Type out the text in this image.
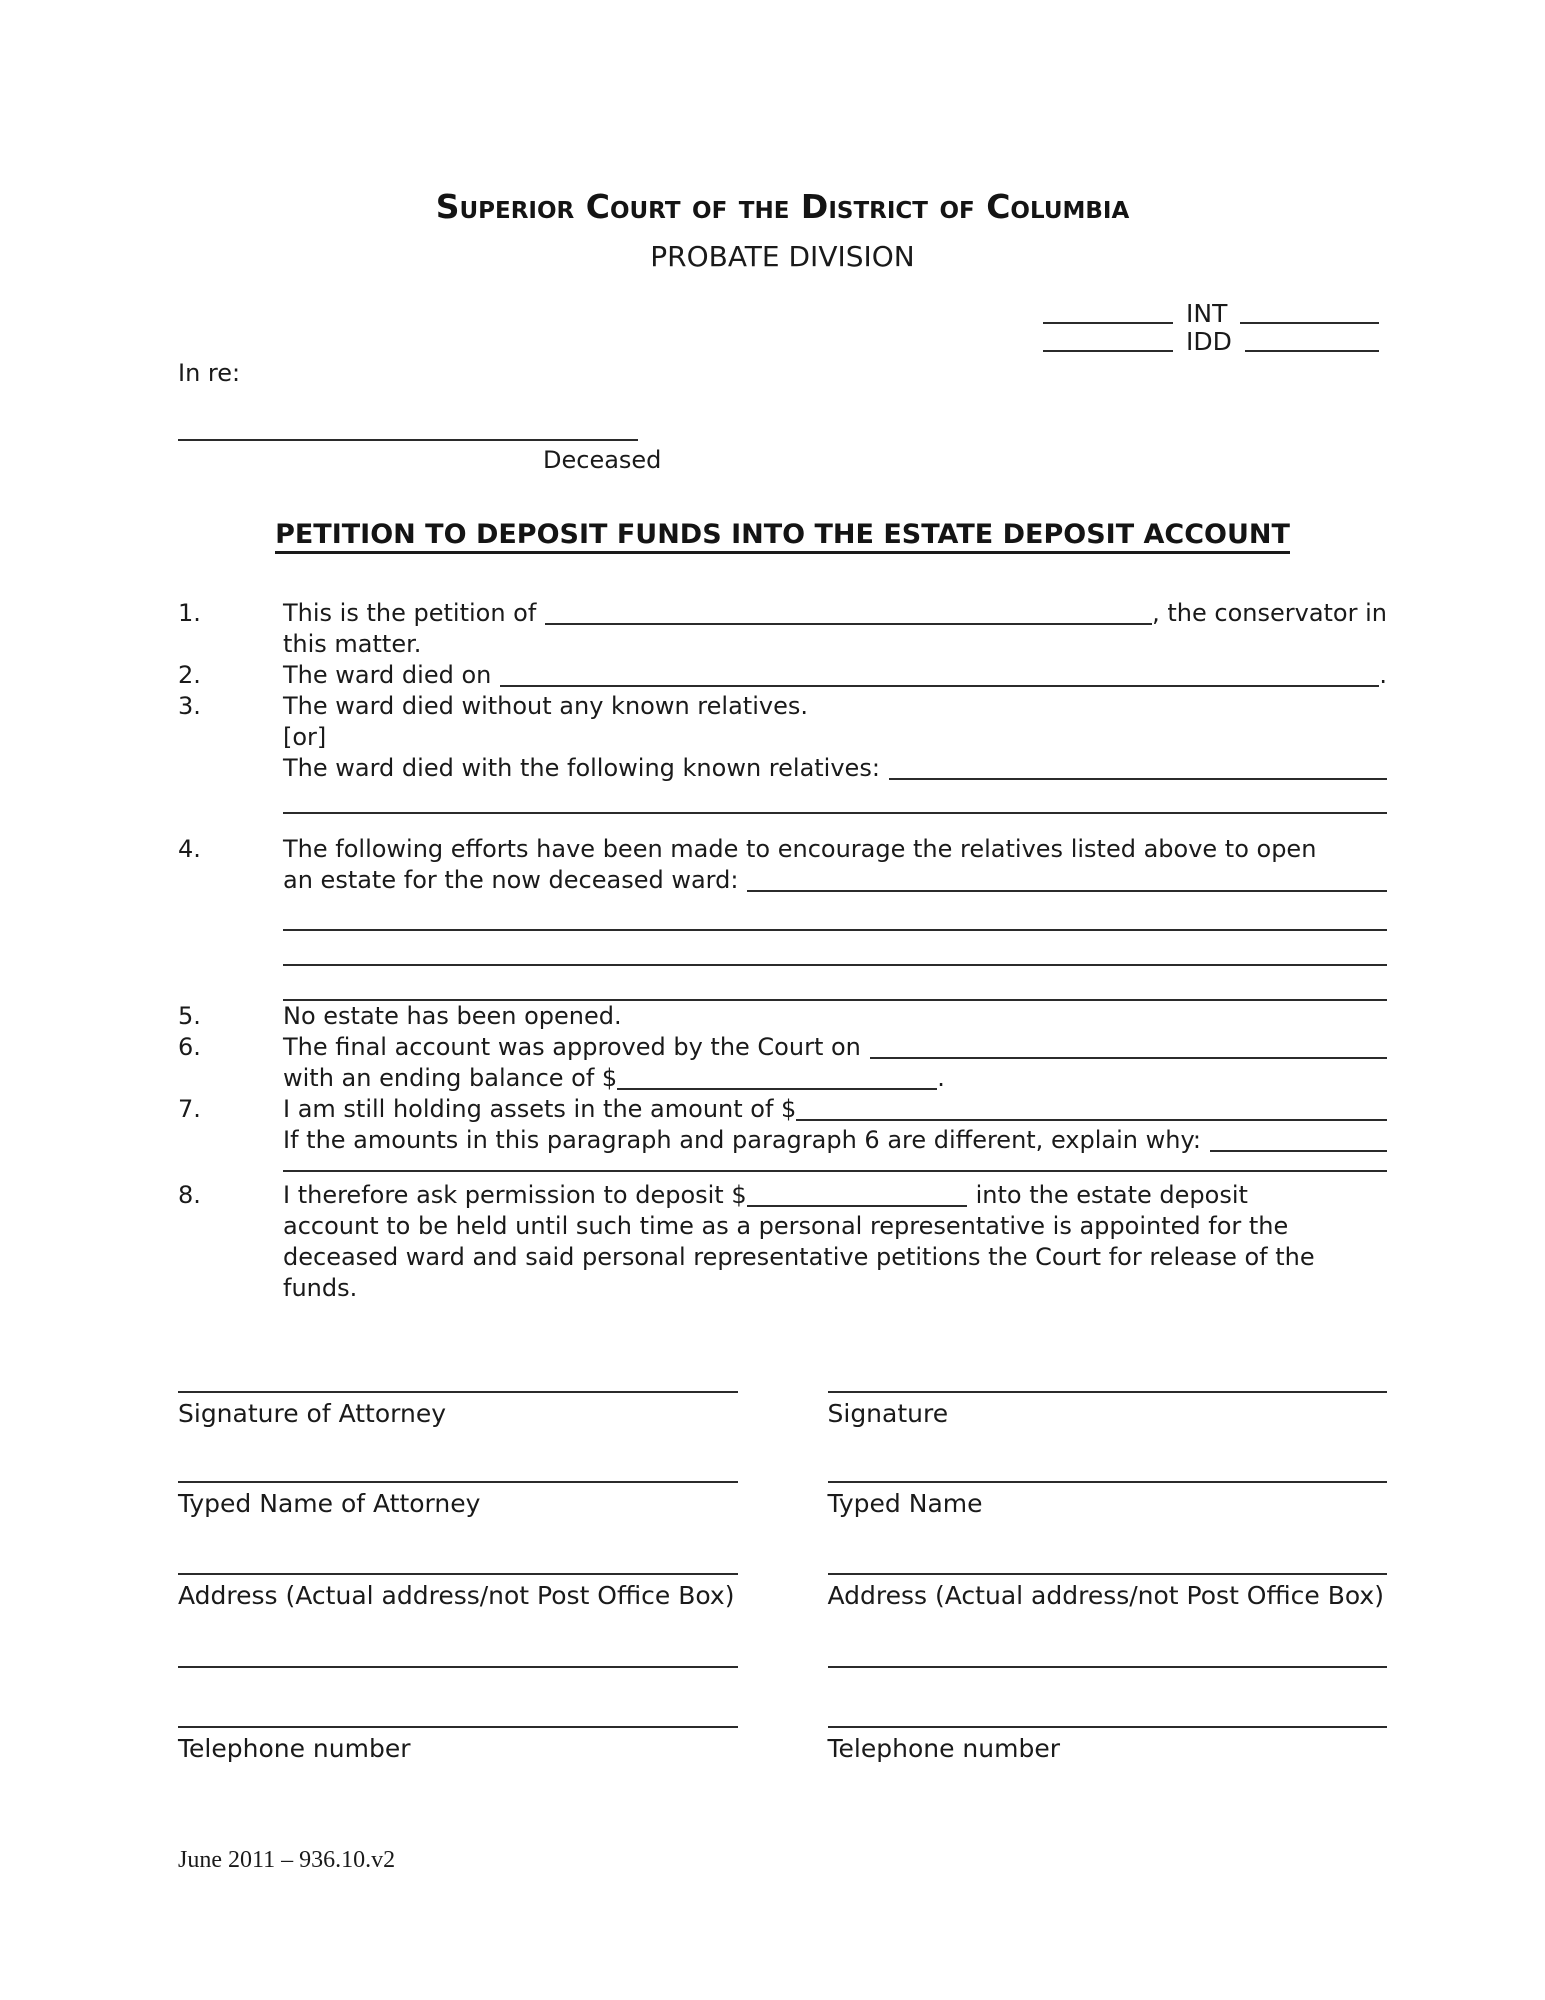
Superior Court of the District of Columbia
PROBATE DIVISION
INT
IDD
In re:
Deceased
PETITION TO DEPOSIT FUNDS INTO THE ESTATE DEPOSIT ACCOUNT
1.	This is the petition of	, the conservator in
this matter.
2.	The ward died on	.
3.	The ward died without any known relatives.
[or]
The ward died with the following known relatives:
4.	The following efforts have been made to encourage the relatives listed above to open
an estate for the now deceased ward:
5.	No estate has been opened.
6.	The final account was approved by the Court on
with an ending balance of $	.
7.	I am still holding assets in the amount of $
If the amounts in this paragraph and paragraph 6 are different, explain why:
8.	I therefore ask permission to deposit $	into the estate deposit
account to be held until such time as a personal representative is appointed for the
deceased ward and said personal representative petitions the Court for release of the
funds.
Signature of Attorney
Typed Name of Attorney
Address (Actual address/not Post Office Box)
Telephone number
Signature
Typed Name
Address (Actual address/not Post Office Box)
Telephone number
June 2011 – 936.10.v2
